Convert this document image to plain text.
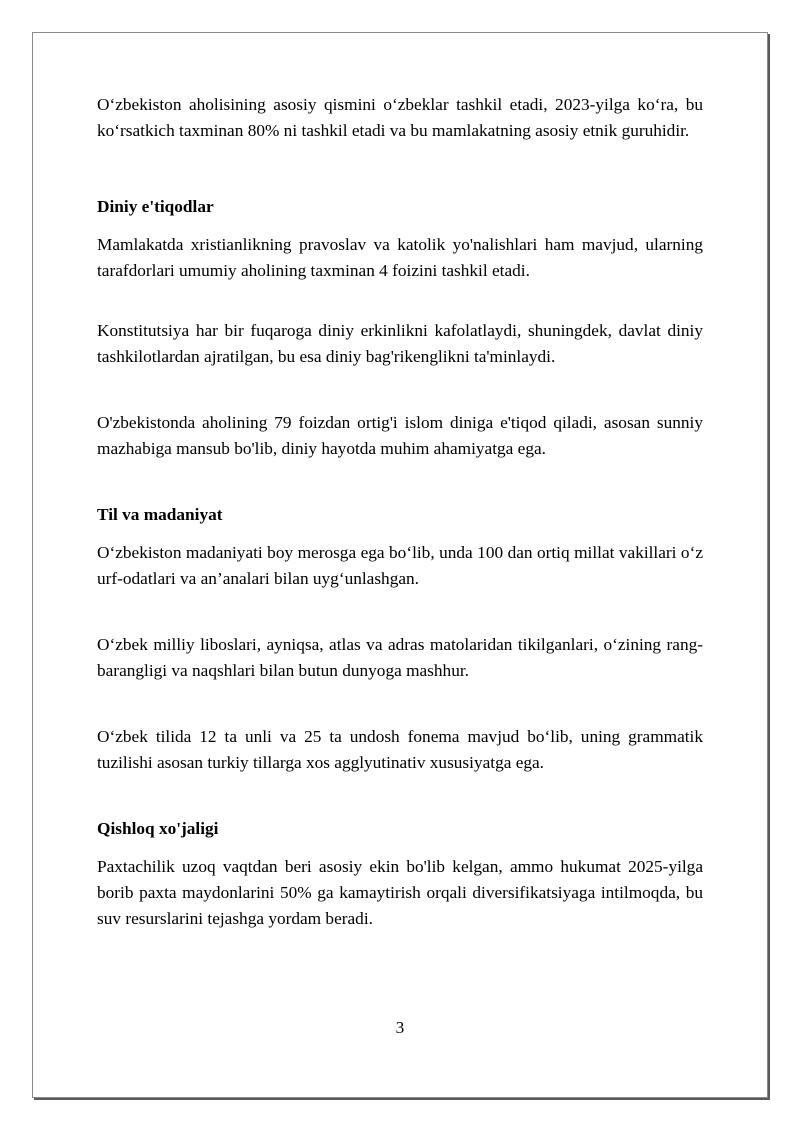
O‘zbekiston aholisining asosiy qismini o‘zbeklar tashkil etadi, 2023-yilga ko‘ra, bu ko‘rsatkich taxminan 80% ni tashkil etadi va bu mamlakatning asosiy etnik guruhidir.

Diniy e'tiqodlar

Mamlakatda xristianlikning pravoslav va katolik yo'nalishlari ham mavjud, ularning tarafdorlari umumiy aholining taxminan 4 foizini tashkil etadi.

Konstitutsiya har bir fuqaroga diniy erkinlikni kafolatlaydi, shuningdek, davlat diniy tashkilotlardan ajratilgan, bu esa diniy bag'rikenglikni ta'minlaydi.

O'zbekistonda aholining 79 foizdan ortig'i islom diniga e'tiqod qiladi, asosan sunniy mazhabiga mansub bo'lib, diniy hayotda muhim ahamiyatga ega.

Til va madaniyat

O‘zbekiston madaniyati boy merosga ega bo‘lib, unda 100 dan ortiq millat vakillari o‘z urf-odatlari va an’analari bilan uyg‘unlashgan.

O‘zbek milliy liboslari, ayniqsa, atlas va adras matolaridan tikilganlari, o‘zining rang-barangligi va naqshlari bilan butun dunyoga mashhur.

O‘zbek tilida 12 ta unli va 25 ta undosh fonema mavjud bo‘lib, uning grammatik tuzilishi asosan turkiy tillarga xos agglyutinativ xususiyatga ega.

Qishloq xo'jaligi

Paxtachilik uzoq vaqtdan beri asosiy ekin bo'lib kelgan, ammo hukumat 2025-yilga borib paxta maydonlarini 50% ga kamaytirish orqali diversifikatsiyaga intilmoqda, bu suv resurslarini tejashga yordam beradi.

3
